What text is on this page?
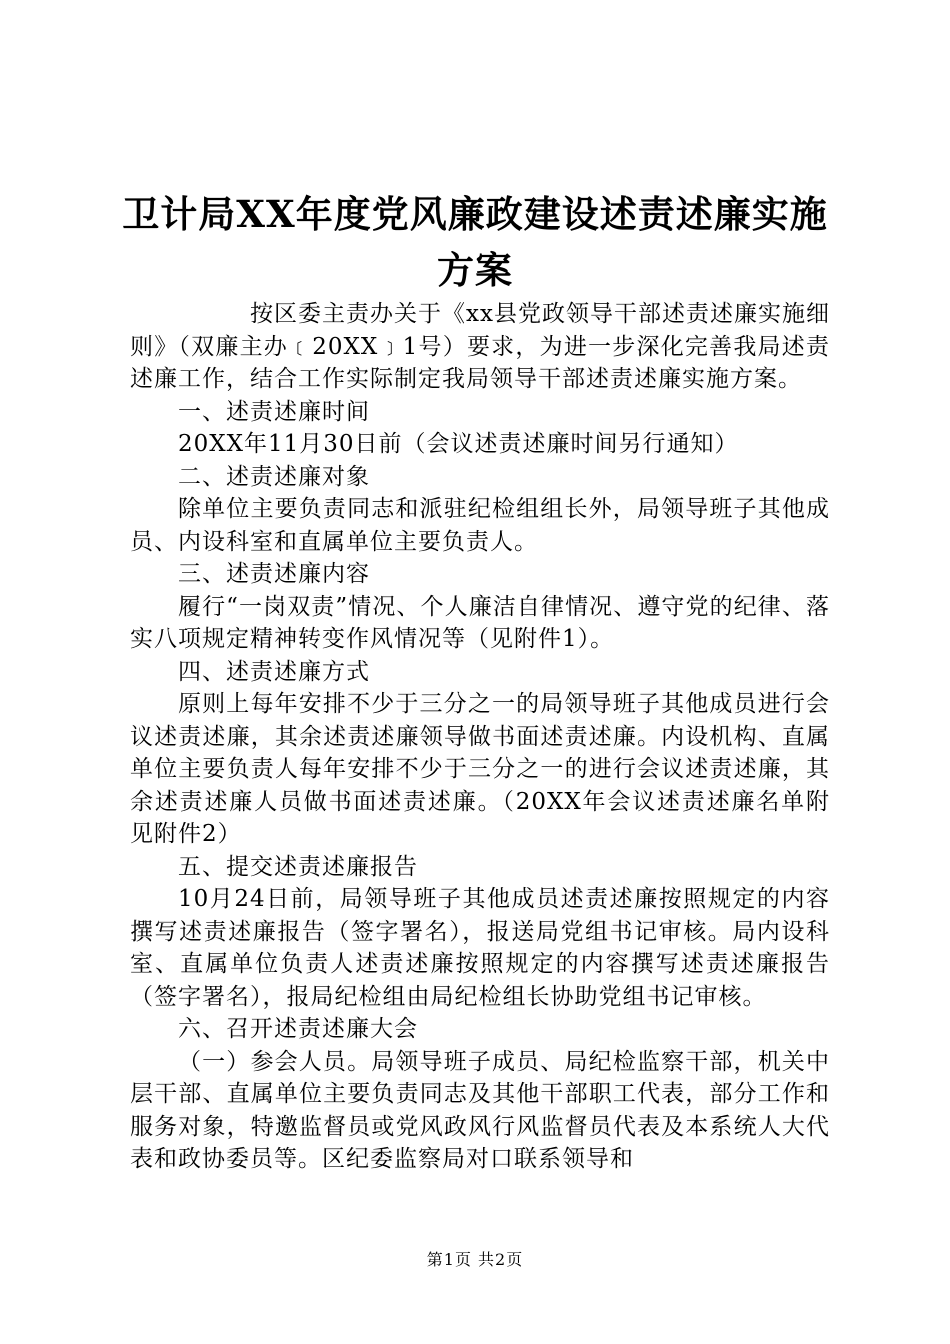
卫计局XX年度党风廉政建设述责述廉实施方案

按区委主责办关于《xx县党政领导干部述责述廉实施细则》（双廉主办﹝20XX﹞1号）要求，为进一步深化完善我局述责述廉工作，结合工作实际制定我局领导干部述责述廉实施方案。

一、述责述廉时间

20XX年11月30日前（会议述责述廉时间另行通知）

二、述责述廉对象

除单位主要负责同志和派驻纪检组组长外，局领导班子其他成员、内设科室和直属单位主要负责人。

三、述责述廉内容

履行“一岗双责”情况、个人廉洁自律情况、遵守党的纪律、落实八项规定精神转变作风情况等（见附件1）。

四、述责述廉方式

原则上每年安排不少于三分之一的局领导班子其他成员进行会议述责述廉，其余述责述廉领导做书面述责述廉。内设机构、直属单位主要负责人每年安排不少于三分之一的进行会议述责述廉，其余述责述廉人员做书面述责述廉。（20XX年会议述责述廉名单附见附件2）

五、提交述责述廉报告

10月24日前，局领导班子其他成员述责述廉按照规定的内容撰写述责述廉报告（签字署名），报送局党组书记审核。局内设科室、直属单位负责人述责述廉按照规定的内容撰写述责述廉报告（签字署名），报局纪检组由局纪检组长协助党组书记审核。

六、召开述责述廉大会

（一）参会人员。局领导班子成员、局纪检监察干部，机关中层干部、直属单位主要负责同志及其他干部职工代表，部分工作和服务对象，特邀监督员或党风政风行风监督员代表及本系统人大代表和政协委员等。区纪委监察局对口联系领导和

第1页 共2页
